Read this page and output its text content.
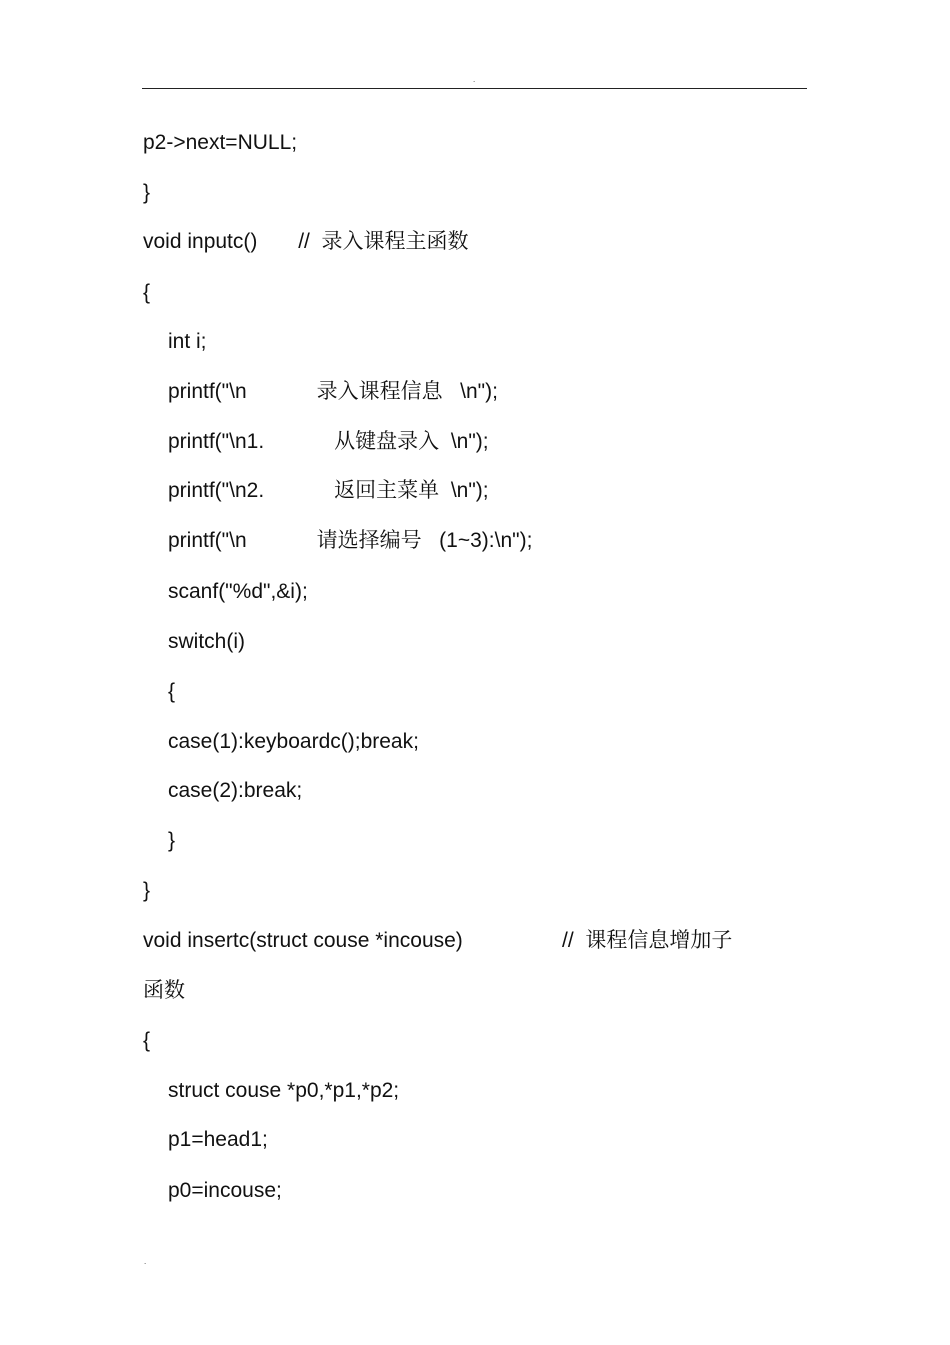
.
p2->next=NULL;
}
void inputc()       //  录入课程主函数
{
int i;
printf("\n            录入课程信息   \n");
printf("\n1.            从键盘录入  \n");
printf("\n2.            返回主菜单  \n");
printf("\n            请选择编号   (1~3):\n");
scanf("%d",&i);
switch(i)
{
case(1):keyboardc();break;
case(2):break;
}
}
void insertc(struct couse *incouse)                 //  课程信息增加子
函数
{
struct couse *p0,*p1,*p2;
p1=head1;
p0=incouse;
.
